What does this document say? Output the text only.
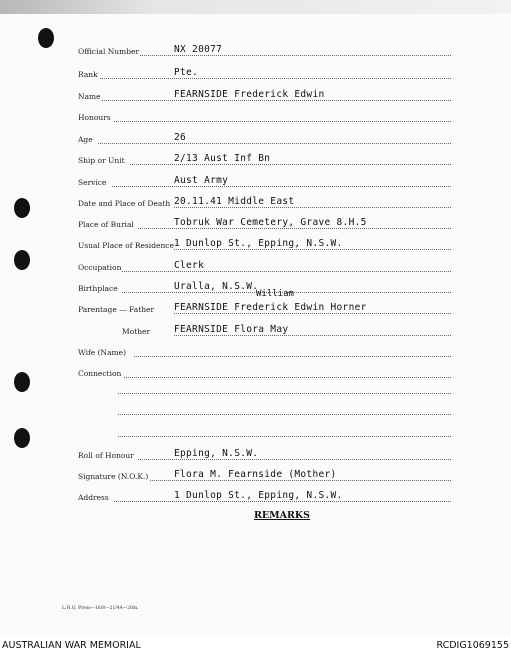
Official Number	NX 20077
Rank	Pte.
Name	FEARNSIDE Frederick Edwin
Honours
Age	26
Ship or Unit	2/13 Aust Inf Bn
Service	Aust Army
Date and Place of Death 20.11.41 Middle East
Place of Burial	Tobruk War Cemetery, Grave 8.H.5
Usual Place of Residence 1 Dunlop St., Epping, N.S.W.
Occupation	Clerk
Birthplace	Uralla, N.S.W.
Parentage — Father FEARNSIDE Frederick Edwin Horner
William
Mother	FEARNSIDE Flora May
Wife (Name)
Connection
Roll of Honour	Epping, N.S.W.
Signature (N.O.K.)	Flora M. Fearnside (Mother)
Address	1 Dunlop St., Epping, N.S.W.
REMARKS
L.H.Q. Press—16/8—21/44—20m.
AUSTRALIAN WAR MEMORIAL	RCDIG1069155
